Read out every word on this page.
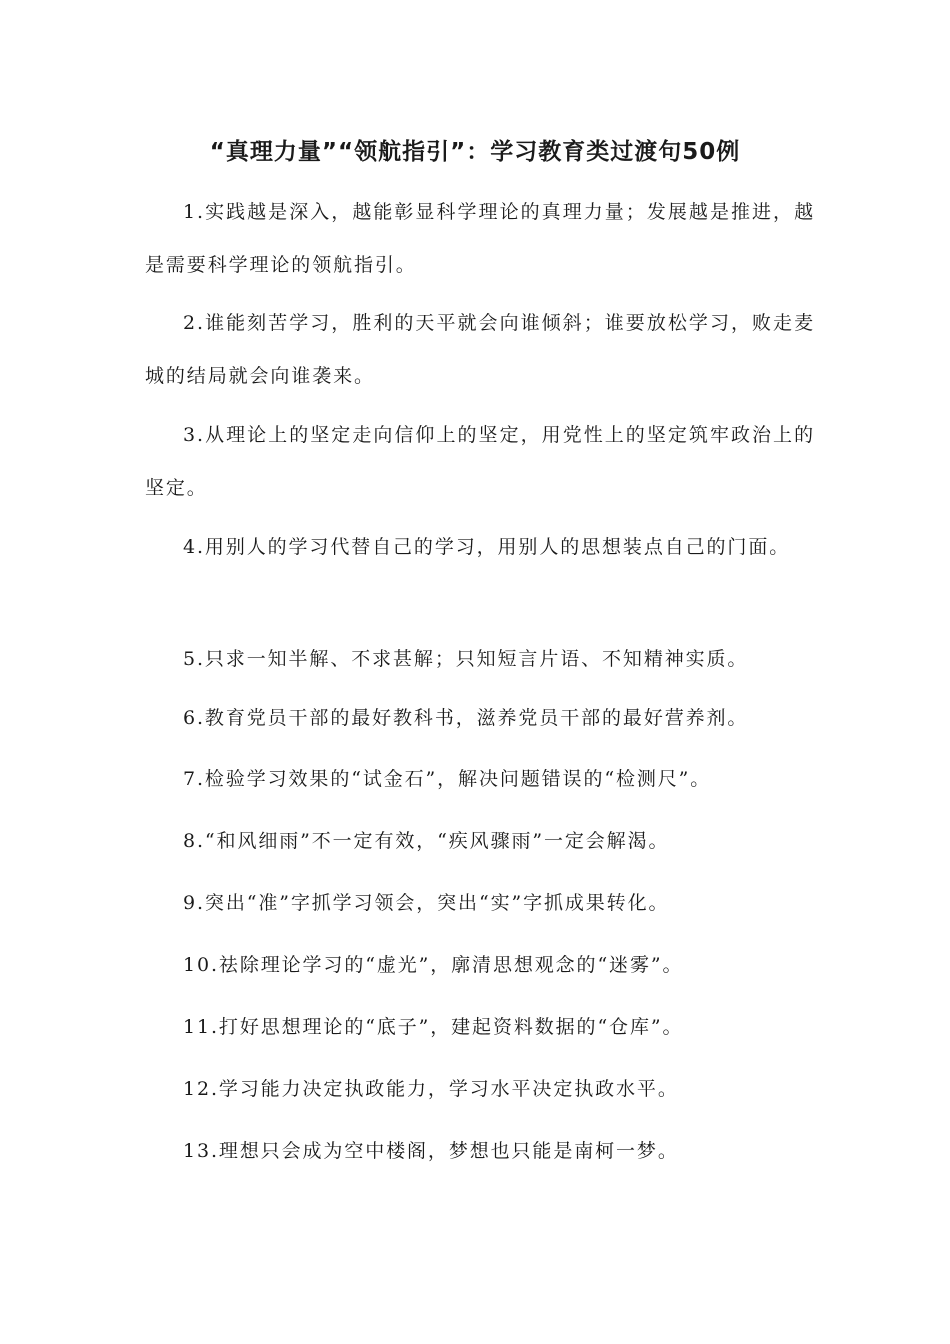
“真理力量”“领航指引”：学习教育类过渡句50例

1.实践越是深入，越能彰显科学理论的真理力量；发展越是推进，越是需要科学理论的领航指引。

2.谁能刻苦学习，胜利的天平就会向谁倾斜；谁要放松学习，败走麦城的结局就会向谁袭来。

3.从理论上的坚定走向信仰上的坚定，用党性上的坚定筑牢政治上的坚定。

4.用别人的学习代替自己的学习，用别人的思想装点自己的门面。

5.只求一知半解、不求甚解；只知短言片语、不知精神实质。

6.教育党员干部的最好教科书，滋养党员干部的最好营养剂。

7.检验学习效果的“试金石”，解决问题错误的“检测尺”。

8.“和风细雨”不一定有效，“疾风骤雨”一定会解渴。

9.突出“准”字抓学习领会，突出“实”字抓成果转化。

10.祛除理论学习的“虚光”，廓清思想观念的“迷雾”。

11.打好思想理论的“底子”，建起资料数据的“仓库”。

12.学习能力决定执政能力，学习水平决定执政水平。

13.理想只会成为空中楼阁，梦想也只能是南柯一梦。
